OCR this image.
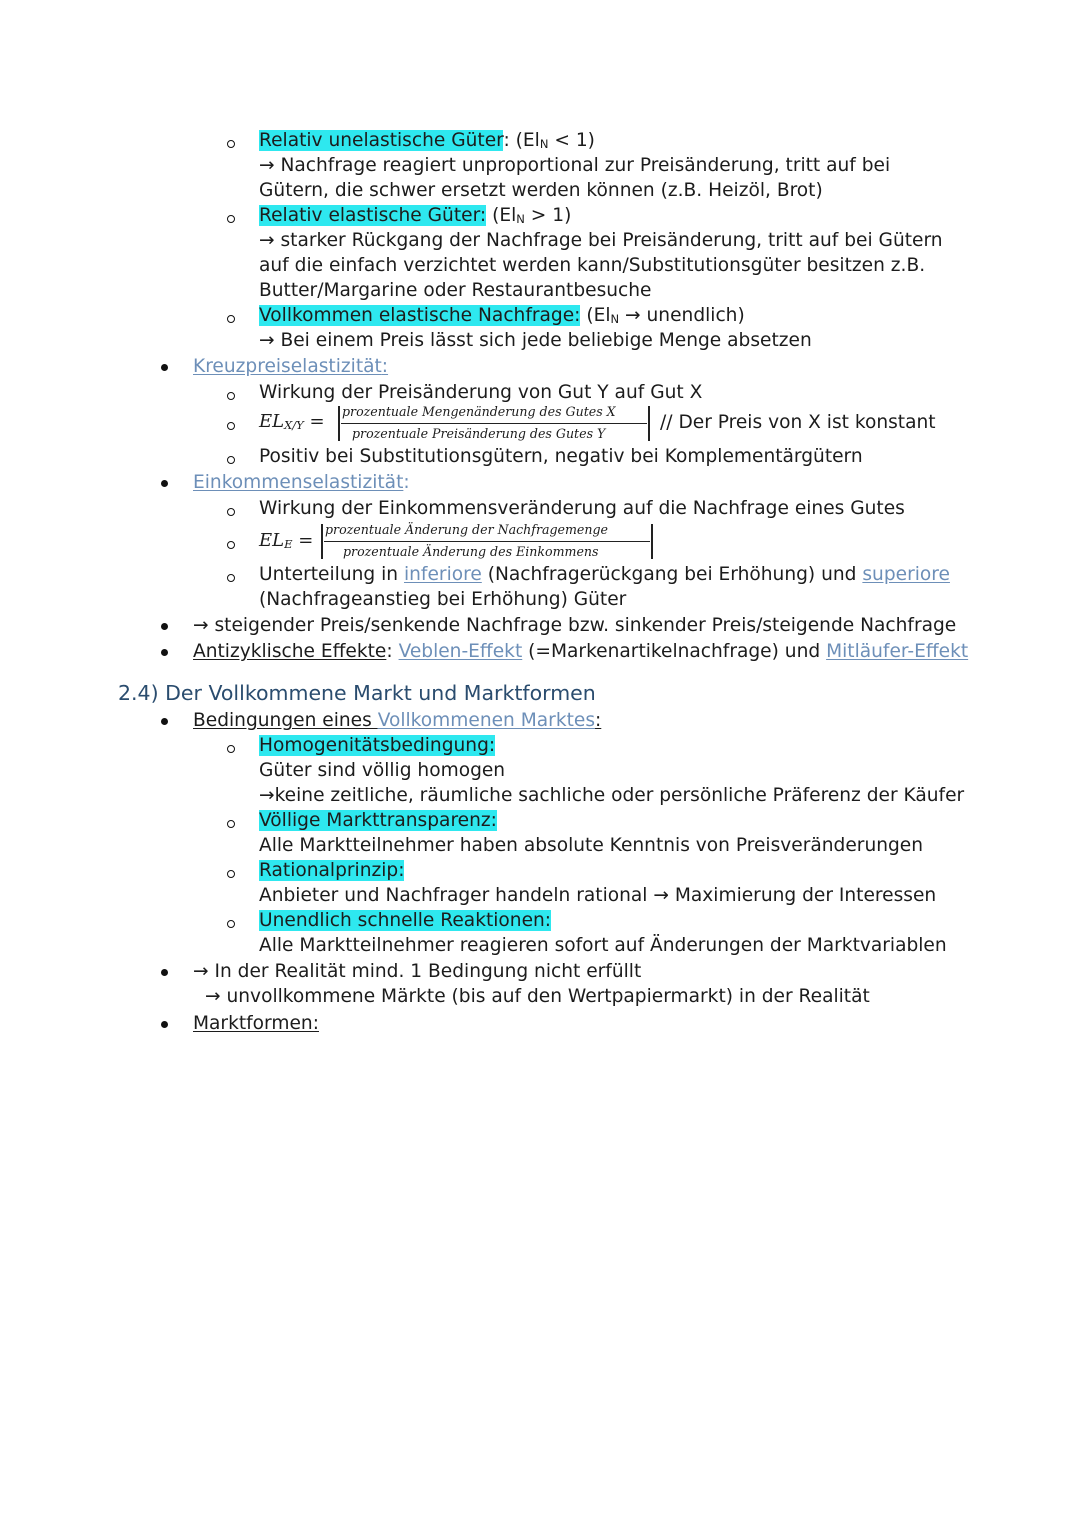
Relativ unelastische Güter: (ElN < 1)
→ Nachfrage reagiert unproportional zur Preisänderung, tritt auf bei
Gütern, die schwer ersetzt werden können (z.B. Heizöl, Brot)
Relativ elastische Güter: (ElN > 1)
→ starker Rückgang der Nachfrage bei Preisänderung, tritt auf bei Gütern
auf die einfach verzichtet werden kann/Substitutionsgüter besitzen z.B.
Butter/Margarine oder Restaurantbesuche
Vollkommen elastische Nachfrage: (ElN → unendlich)
→ Bei einem Preis lässt sich jede beliebige Menge absetzen
Kreuzpreiselastizität:
Wirkung der Preisänderung von Gut Y auf Gut X
ELX/Y = prozentuale Mengenänderung des Gutes X
prozentuale Preisänderung des Gutes Y
// Der Preis von X ist konstant
Positiv bei Substitutionsgütern, negativ bei Komplementärgütern
Einkommenselastizität:
Wirkung der Einkommensveränderung auf die Nachfrage eines Gutes
ELE =
prozentuale Änderung der Nachfragemenge
prozentuale Änderung des Einkommens
Unterteilung in inferiore (Nachfragerückgang bei Erhöhung) und superiore
(Nachfrageanstieg bei Erhöhung) Güter
→ steigender Preis/senkende Nachfrage bzw. sinkender Preis/steigende Nachfrage
Antizyklische Effekte: Veblen-Effekt (=Markenartikelnachfrage) und Mitläufer-Effekt
2.4) Der Vollkommene Markt und Marktformen
Bedingungen eines Vollkommenen Marktes:
Homogenitätsbedingung:
Güter sind völlig homogen
→keine zeitliche, räumliche sachliche oder persönliche Präferenz der Käufer
Völlige Markttransparenz:
Alle Marktteilnehmer haben absolute Kenntnis von Preisveränderungen
Rationalprinzip:
Anbieter und Nachfrager handeln rational → Maximierung der Interessen
Unendlich schnelle Reaktionen:
Alle Marktteilnehmer reagieren sofort auf Änderungen der Marktvariablen
→ In der Realität mind. 1 Bedingung nicht erfüllt
→ unvollkommene Märkte (bis auf den Wertpapiermarkt) in der Realität
Marktformen:
